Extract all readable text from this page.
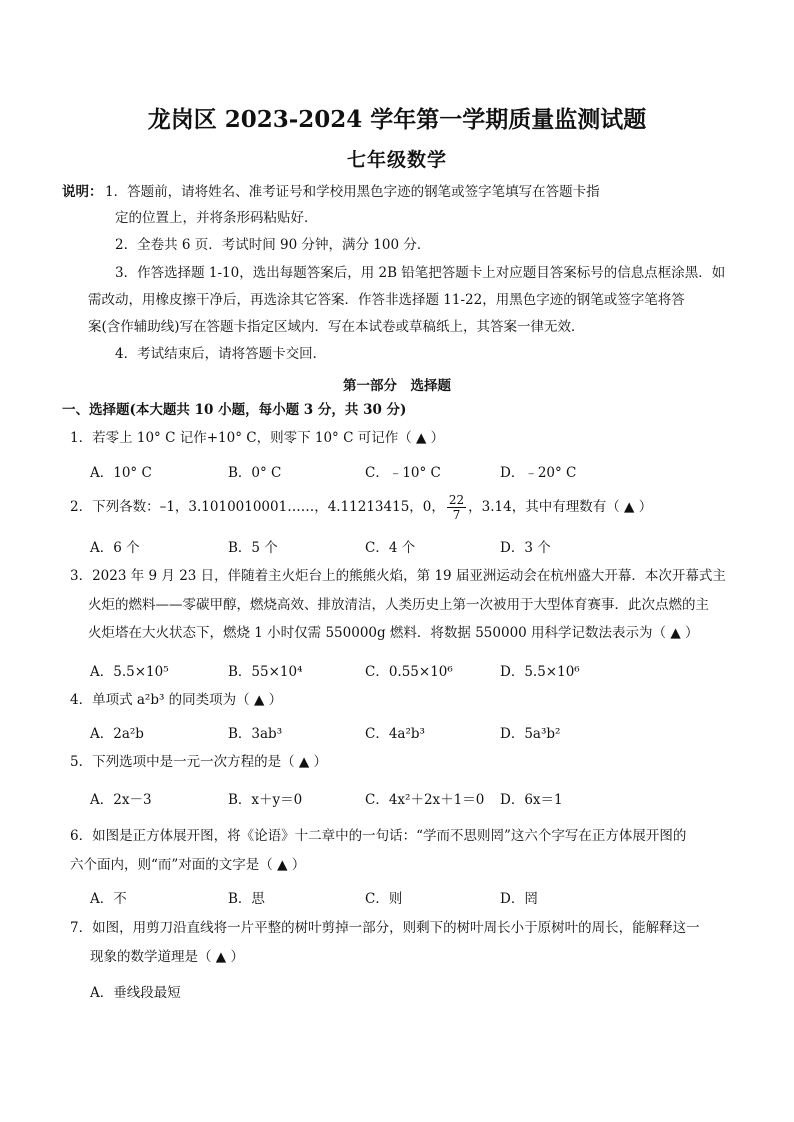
龙岗区 2023-2024 学年第一学期质量监测试题
七年级数学
说明： 1．答题前，请将姓名、准考证号和学校用黑色字迹的钢笔或签字笔填写在答题卡指
定的位置上，并将条形码粘贴好．
2．全卷共 6 页．考试时间 90 分钟，满分 100 分．
3．作答选择题 1-10，选出每题答案后，用 2B 铅笔把答题卡上对应题目答案标号的信息点框涂黑．如
需改动，用橡皮擦干净后，再选涂其它答案．作答非选择题 11-22，用黑色字迹的钢笔或签字笔将答
案(含作辅助线)写在答题卡指定区域内．写在本试卷或草稿纸上，其答案一律无效．
4．考试结束后，请将答题卡交回．
第一部分　选择题
一、选择题(本大题共 10 小题，每小题 3 分，共 30 分)
1．若零上 10° C 记作+10° C，则零下 10° C 可记作（ ▲ ）
A．10° C	B．0° C	C．﹣10° C	D．﹣20° C
2．下列各数：–1，3.1010010001……，4.11213415，0， $\frac{22}{7}$ ，3.14，其中有理数有（ ▲ ）
A．6 个	B．5 个	C．4 个	D．3 个
3．2023 年 9 月 23 日，伴随着主火炬台上的熊熊火焰，第 19 届亚洲运动会在杭州盛大开幕．本次开幕式主
火炬的燃料——零碳甲醇，燃烧高效、排放清洁，人类历史上第一次被用于大型体育赛事．此次点燃的主
火炬塔在大火状态下，燃烧 1 小时仅需 550000g 燃料．将数据 550000 用科学记数法表示为（ ▲ ）
A．5.5×10⁵	B．55×10⁴	C．0.55×10⁶	D．5.5×10⁶
4．单项式 a²b³ 的同类项为（ ▲ ）
A．2a²b	B．3ab³	C．4a²b³	D．5a³b²
5．下列选项中是一元一次方程的是（ ▲ ）
A．2x－3	B．x＋y＝0	C．4x²＋2x＋1＝0 D．6x＝1
6．如图是正方体展开图，将《论语》十二章中的一句话：“学而不思则罔”这六个字写在正方体展开图的
六个面内，则“而”对面的文字是（ ▲ ）
A．不	B．思	C．则	D．罔
7．如图，用剪刀沿直线将一片平整的树叶剪掉一部分，则剩下的树叶周长小于原树叶的周长，能解释这一
现象的数学道理是（ ▲ ）
A．垂线段最短
